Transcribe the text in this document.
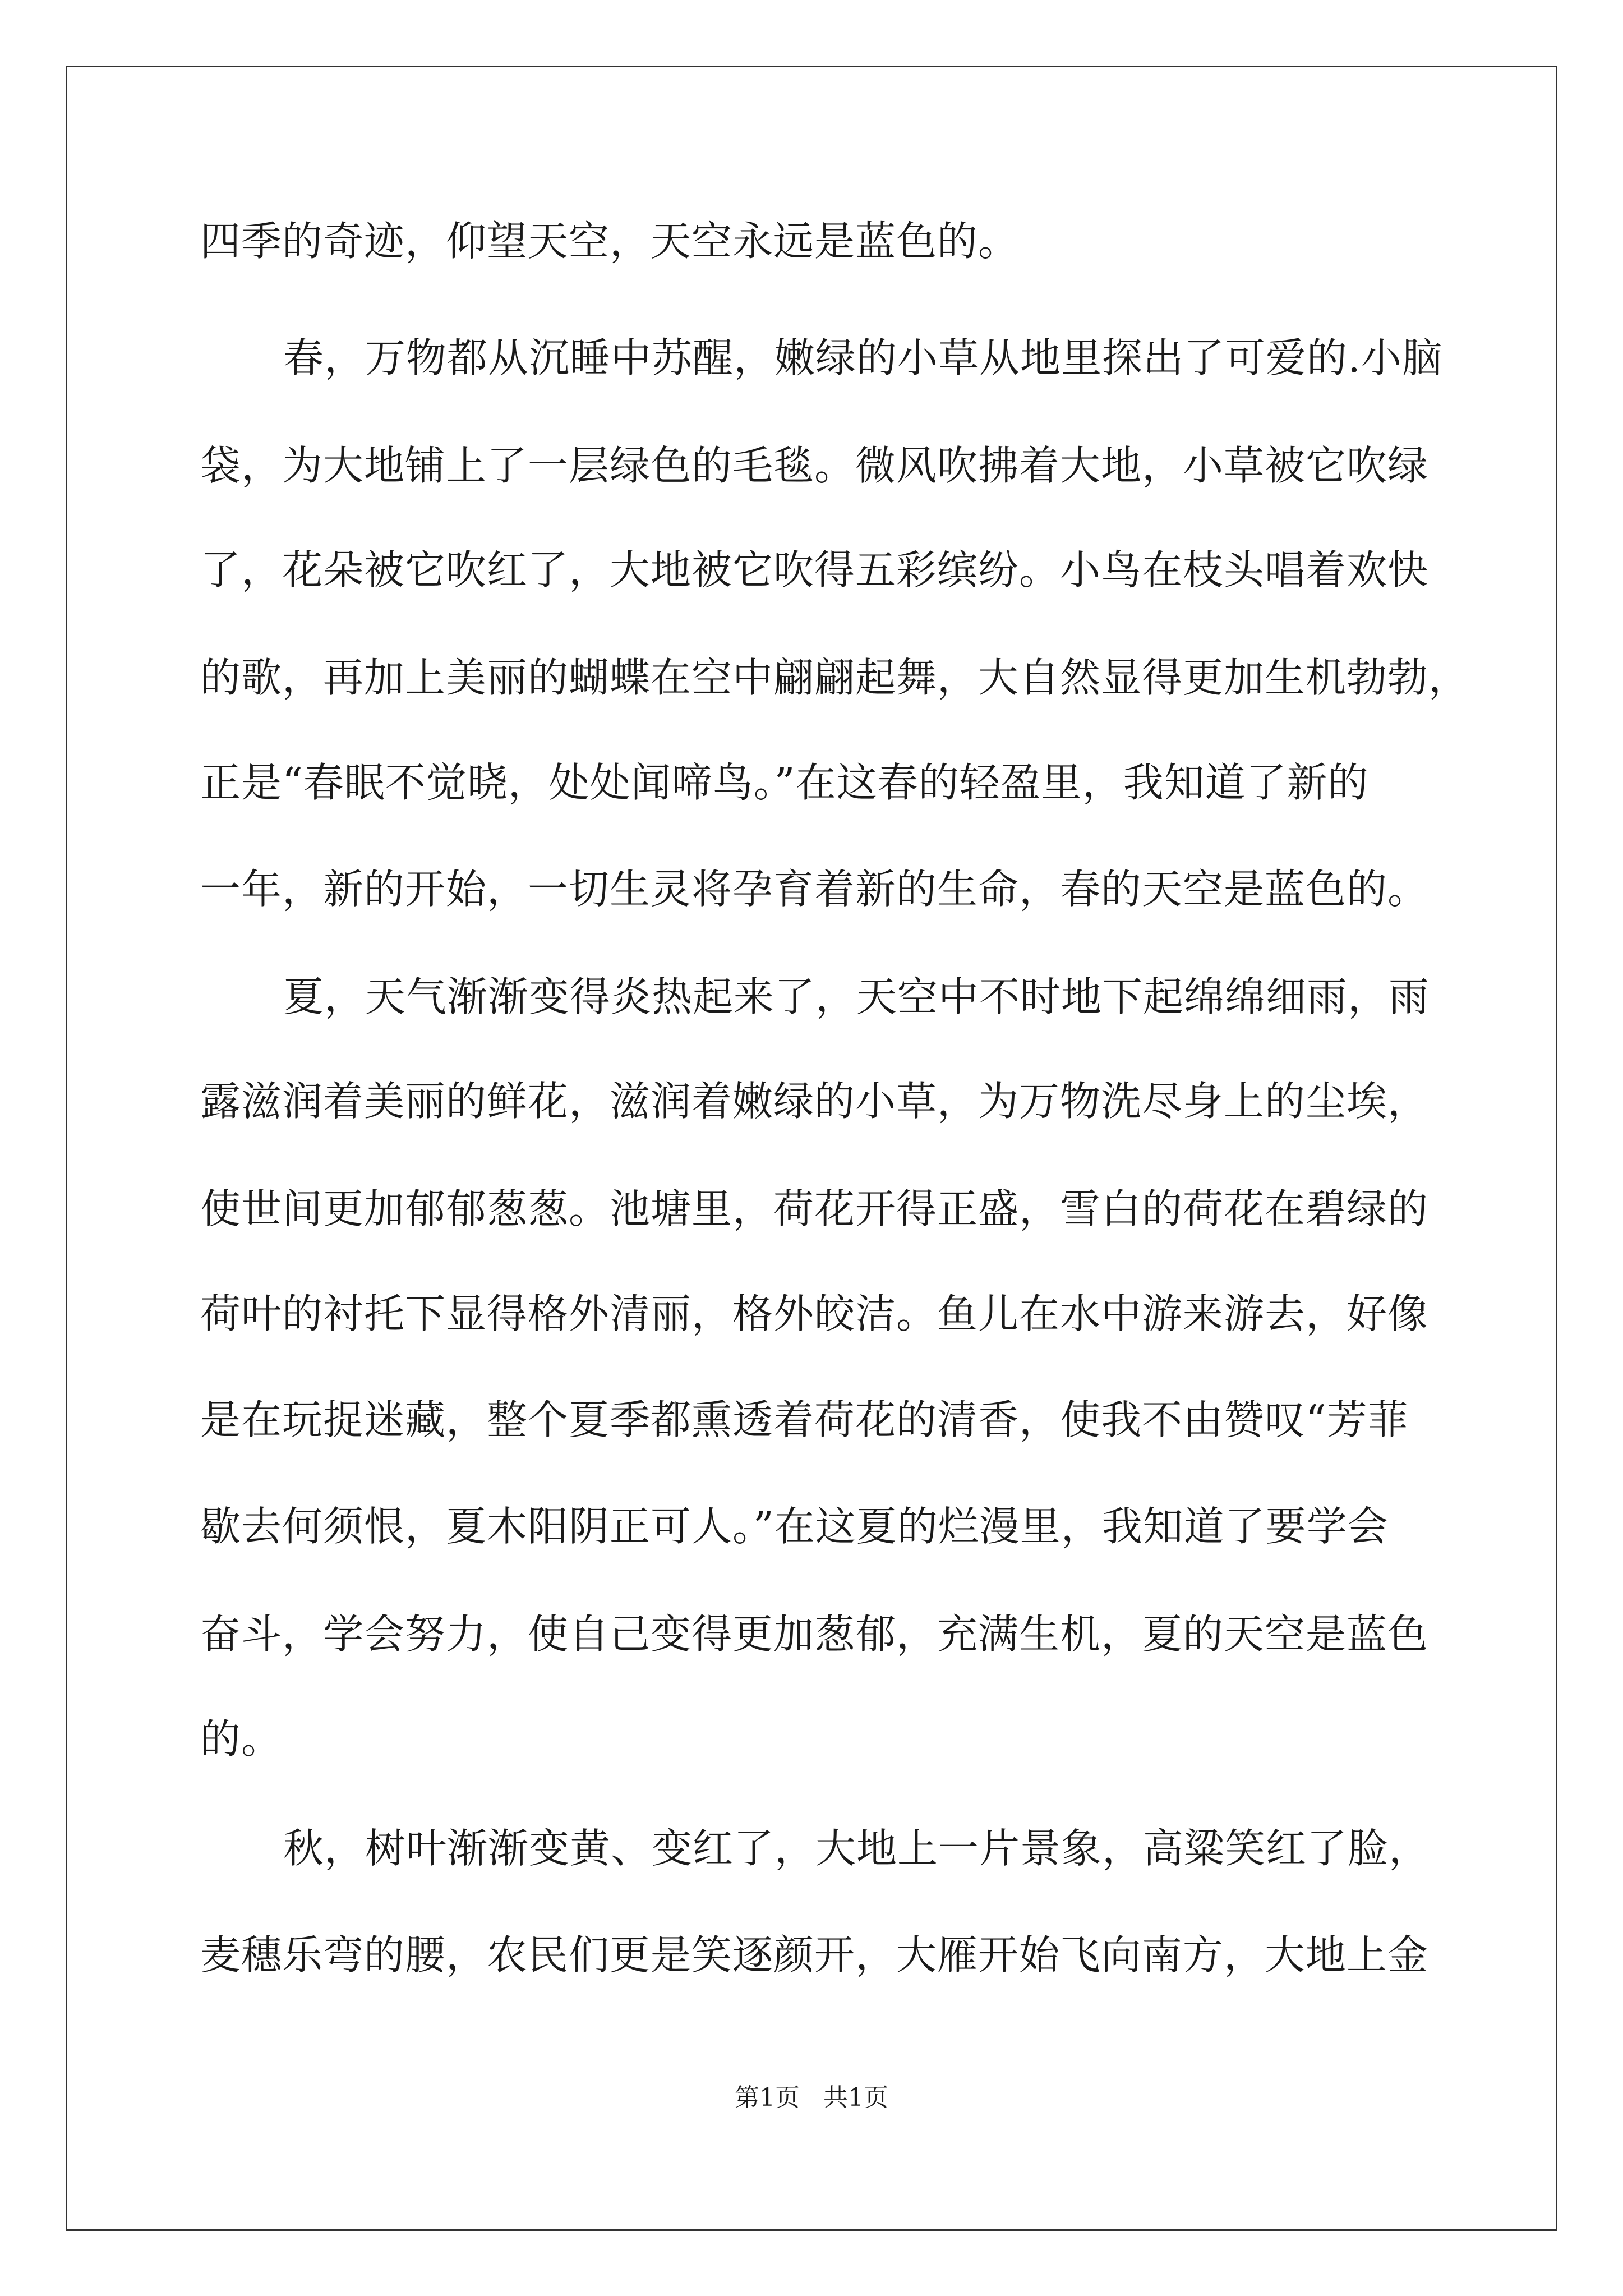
四季的奇迹，仰望天空，天空永远是蓝色的。
春，万物都从沉睡中苏醒，嫩绿的小草从地里探出了可爱的.小脑
袋，为大地铺上了一层绿色的毛毯。微风吹拂着大地，小草被它吹绿
了，花朵被它吹红了，大地被它吹得五彩缤纷。小鸟在枝头唱着欢快
的歌，再加上美丽的蝴蝶在空中翩翩起舞，大自然显得更加生机勃勃，
正是“春眠不觉晓，处处闻啼鸟。”在这春的轻盈里，我知道了新的
一年，新的开始，一切生灵将孕育着新的生命，春的天空是蓝色的。
夏，天气渐渐变得炎热起来了，天空中不时地下起绵绵细雨，雨
露滋润着美丽的鲜花，滋润着嫩绿的小草，为万物洗尽身上的尘埃，
使世间更加郁郁葱葱。池塘里，荷花开得正盛，雪白的荷花在碧绿的
荷叶的衬托下显得格外清丽，格外皎洁。鱼儿在水中游来游去，好像
是在玩捉迷藏，整个夏季都熏透着荷花的清香，使我不由赞叹“芳菲
歇去何须恨，夏木阳阴正可人。”在这夏的烂漫里，我知道了要学会
奋斗，学会努力，使自己变得更加葱郁，充满生机，夏的天空是蓝色
的。
秋，树叶渐渐变黄、变红了，大地上一片景象，高粱笑红了脸，
麦穗乐弯的腰，农民们更是笑逐颜开，大雁开始飞向南方，大地上金
第1页 共1页
